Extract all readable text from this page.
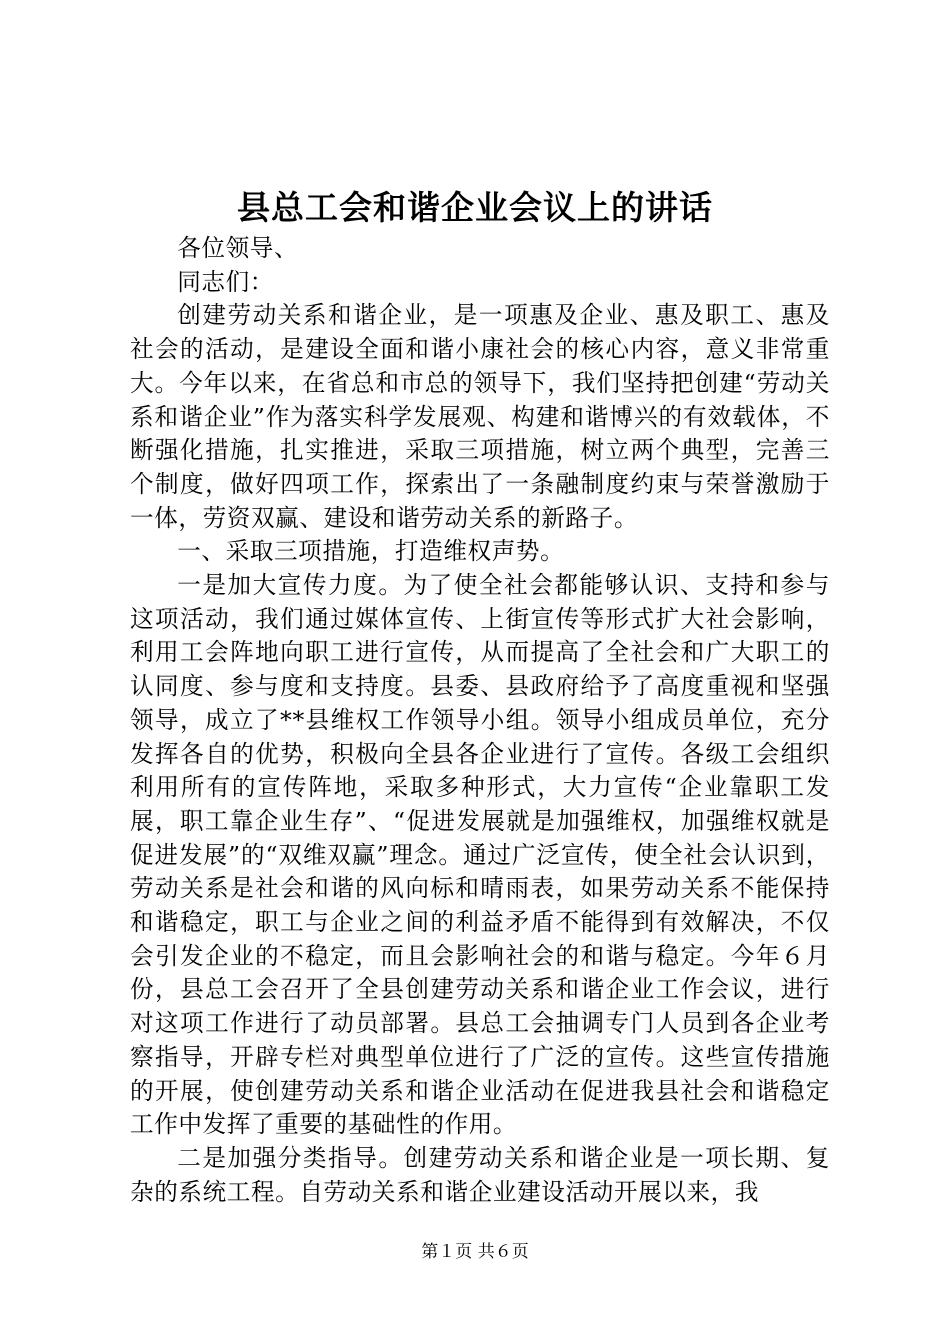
县总工会和谐企业会议上的讲话

各位领导、

同志们：

创建劳动关系和谐企业，是一项惠及企业、惠及职工、惠及社会的活动，是建设全面和谐小康社会的核心内容，意义非常重大。今年以来，在省总和市总的领导下，我们坚持把创建“劳动关系和谐企业”作为落实科学发展观、构建和谐博兴的有效载体，不断强化措施，扎实推进，采取三项措施，树立两个典型，完善三个制度，做好四项工作，探索出了一条融制度约束与荣誉激励于一体，劳资双赢、建设和谐劳动关系的新路子。

一、采取三项措施，打造维权声势。

一是加大宣传力度。为了使全社会都能够认识、支持和参与这项活动，我们通过媒体宣传、上街宣传等形式扩大社会影响，利用工会阵地向职工进行宣传，从而提高了全社会和广大职工的认同度、参与度和支持度。县委、县政府给予了高度重视和坚强领导，成立了**县维权工作领导小组。领导小组成员单位，充分发挥各自的优势，积极向全县各企业进行了宣传。各级工会组织利用所有的宣传阵地，采取多种形式，大力宣传“企业靠职工发展，职工靠企业生存”、“促进发展就是加强维权，加强维权就是促进发展”的“双维双赢”理念。通过广泛宣传，使全社会认识到，劳动关系是社会和谐的风向标和晴雨表，如果劳动关系不能保持和谐稳定，职工与企业之间的利益矛盾不能得到有效解决，不仅会引发企业的不稳定，而且会影响社会的和谐与稳定。今年６月份，县总工会召开了全县创建劳动关系和谐企业工作会议，进行对这项工作进行了动员部署。县总工会抽调专门人员到各企业考察指导，开辟专栏对典型单位进行了广泛的宣传。这些宣传措施的开展，使创建劳动关系和谐企业活动在促进我县社会和谐稳定工作中发挥了重要的基础性的作用。

二是加强分类指导。创建劳动关系和谐企业是一项长期、复杂的系统工程。自劳动关系和谐企业建设活动开展以来，我

第１页 共６页
